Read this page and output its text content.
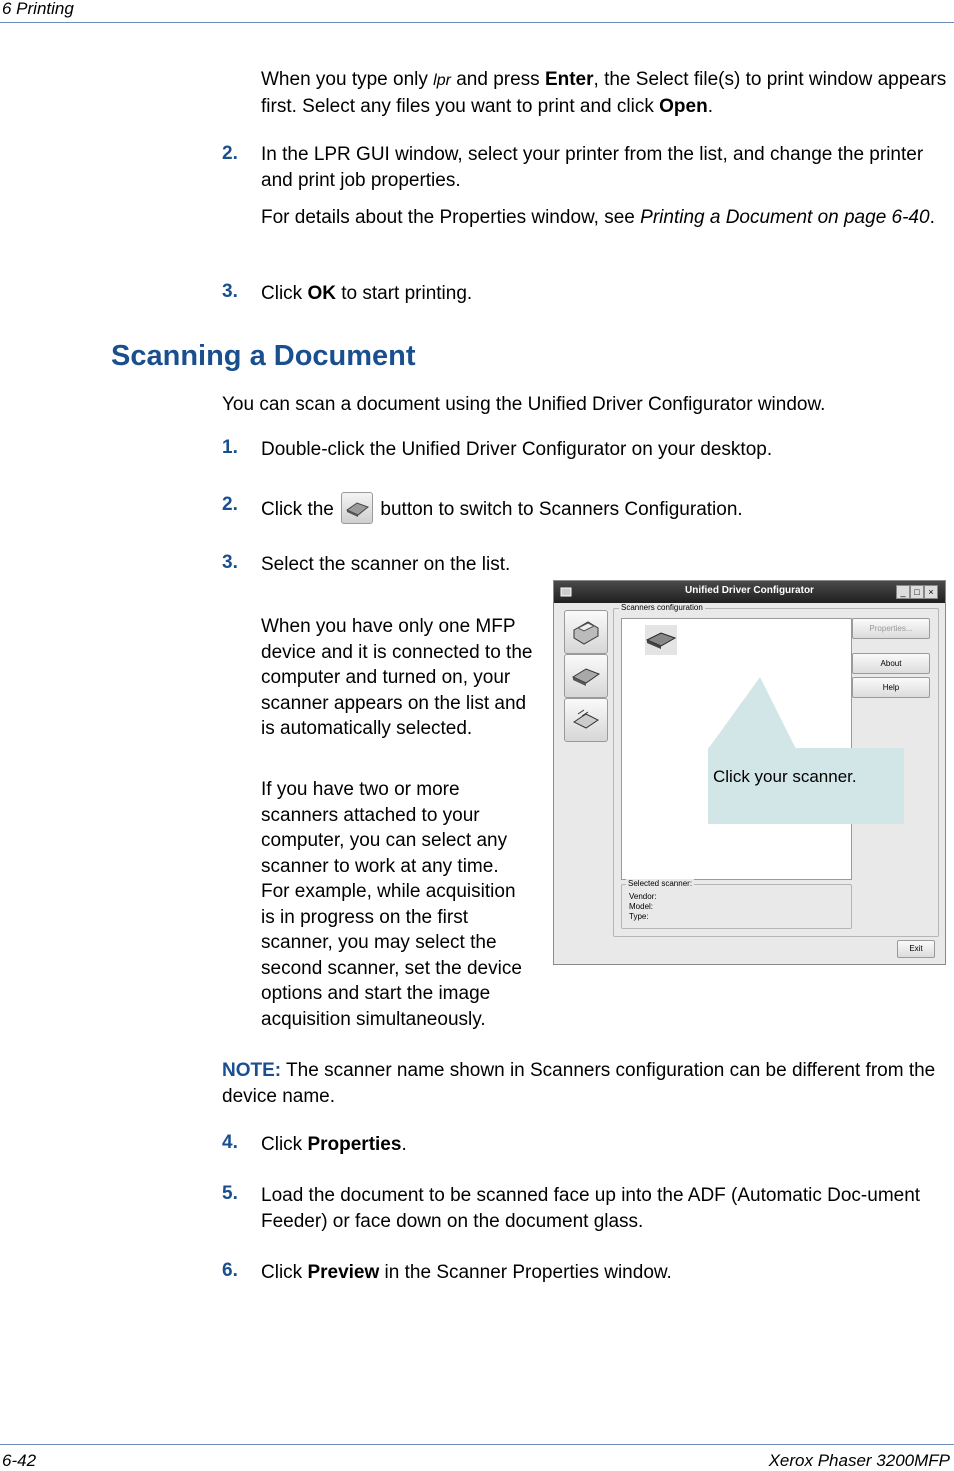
6 Printing
When you type only lpr and press Enter, the Select file(s) to print window appears first. Select any files you want to print and click Open.
2. In the LPR GUI window, select your printer from the list, and change the printer and print job properties.
For details about the Properties window, see Printing a Document on page 6-40.
3. Click OK to start printing.
Scanning a Document
You can scan a document using the Unified Driver Configurator window.
1. Double-click the Unified Driver Configurator on your desktop.
2. Click the  button to switch to Scanners Configuration.
3. Select the scanner on the list.
When you have only one MFP device and it is connected to the computer and turned on, your scanner appears on the list and is automatically selected.
If you have two or more scanners attached to your computer, you can select any scanner to work at any time. For example, while acquisition is in progress on the first scanner, you may select the second scanner, set the device options and start the image acquisition simultaneously.
Unified Driver Configurator	_ □ ×
Scanners configuration
Click your scanner.
Properties...
About
Help
Selected scanner:
Vendor:
Model:
Type:
Exit
NOTE: The scanner name shown in Scanners configuration can be different from the device name.
4. Click Properties.
5. Load the document to be scanned face up into the ADF (Automatic Doc-ument Feeder) or face down on the document glass.
6. Click Preview in the Scanner Properties window.
6-42	Xerox Phaser 3200MFP
